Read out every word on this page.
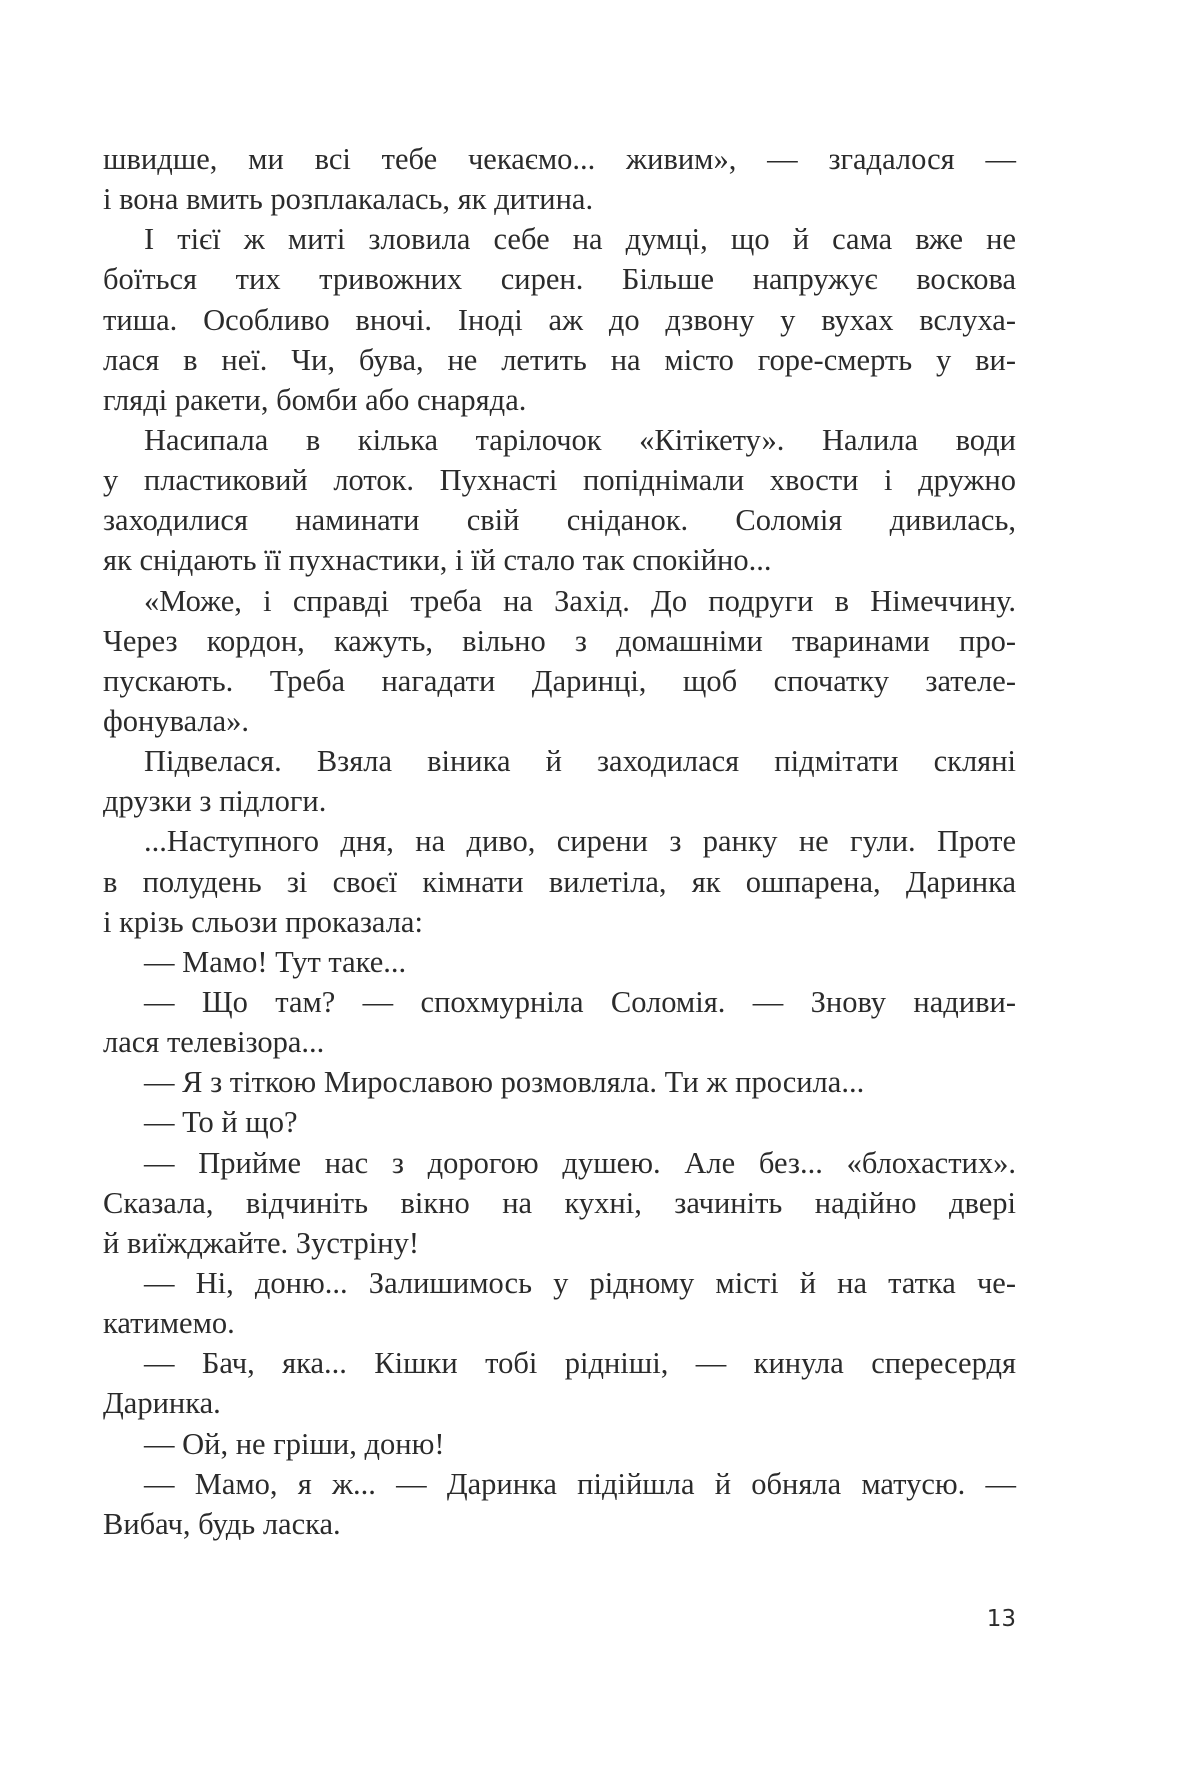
швидше, ми всі тебе чекаємо... живим», — згадалося —
і вона вмить розплакалась, як дитина.
І тієї ж миті зловила себе на думці, що й сама вже не
боїться тих тривожних сирен. Більше напружує воскова
тиша. Особливо вночі. Іноді аж до дзвону у вухах вслуха-
лася в неї. Чи, бува, не летить на місто горе-смерть у ви-
гляді ракети, бомби або снаряда.
Насипала в кілька тарілочок «Кітікету». Налила води
у пластиковий лоток. Пухнасті попіднімали хвости і дружно
заходилися наминати свій сніданок. Соломія дивилась,
як снідають її пухнастики, і їй стало так спокійно...
«Може, і справді треба на Захід. До подруги в Німеччину.
Через кордон, кажуть, вільно з домашніми тваринами про-
пускають. Треба нагадати Даринці, щоб спочатку зателе-
фонувала».
Підвелася. Взяла віника й заходилася підмітати скляні
друзки з підлоги.
...Наступного дня, на диво, сирени з ранку не гули. Проте
в полудень зі своєї кімнати вилетіла, як ошпарена, Даринка
і крізь сльози проказала:
— Мамо! Тут таке...
— Що там? — спохмурніла Соломія. — Знову надиви-
лася телевізора...
— Я з тіткою Мирославою розмовляла. Ти ж просила...
— То й що?
— Прийме нас з дорогою душею. Але без... «блохастих».
Сказала, відчиніть вікно на кухні, зачиніть надійно двері
й виїжджайте. Зустріну!
— Ні, доню... Залишимось у рідному місті й на татка че-
катимемо.
— Бач, яка... Кішки тобі рідніші, — кинула спересердя
Даринка.
— Ой, не гріши, доню!
— Мамо, я ж... — Даринка підійшла й обняла матусю. —
Вибач, будь ласка.
13
